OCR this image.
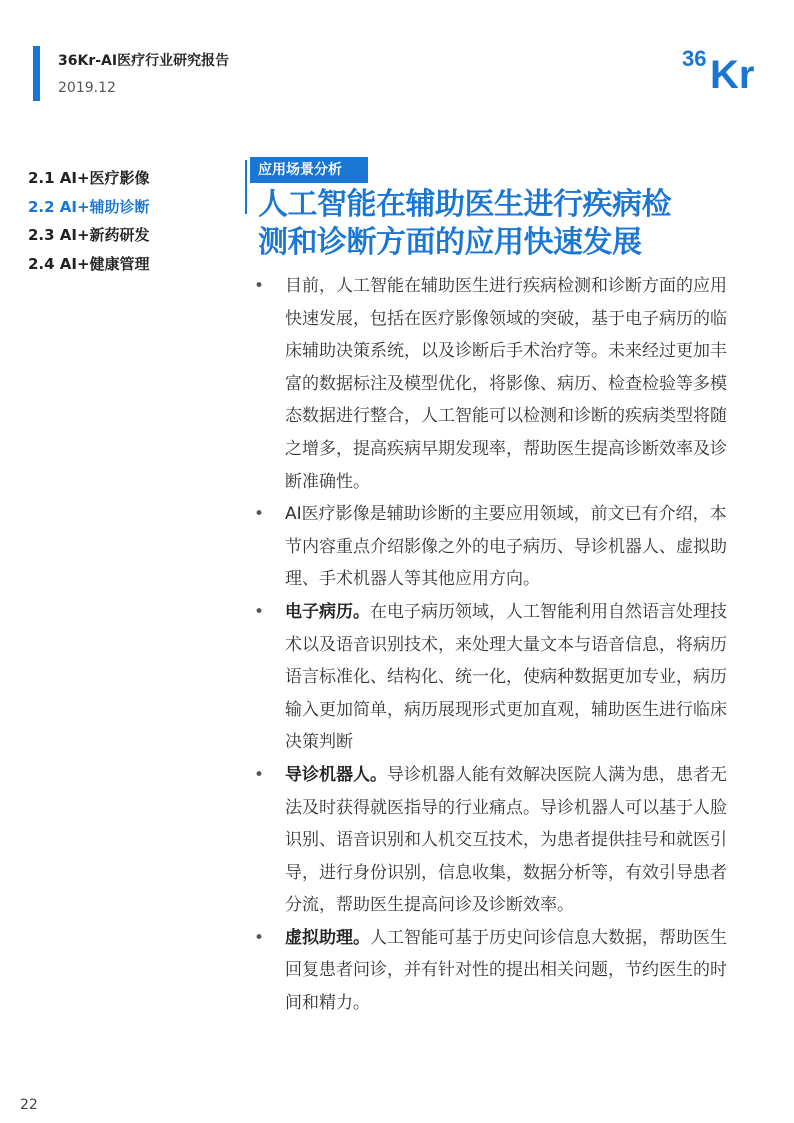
36Kr-AI医疗行业研究报告
2019.12
36 Kr
2.1 AI+医疗影像
2.2 AI+辅助诊断
2.3 AI+新药研发
2.4 AI+健康管理
应用场景分析
人工智能在辅助医生进行疾病检
测和诊断方面的应用快速发展
• 目前，人工智能在辅助医生进行疾病检测和诊断方面的应用快速发展，包括在医疗影像领域的突破，基于电子病历的临床辅助决策系统，以及诊断后手术治疗等。未来经过更加丰富的数据标注及模型优化，将影像、病历、检查检验等多模态数据进行整合，人工智能可以检测和诊断的疾病类型将随之增多，提高疾病早期发现率，帮助医生提高诊断效率及诊断准确性。
• AI医疗影像是辅助诊断的主要应用领域，前文已有介绍，本节内容重点介绍影像之外的电子病历、导诊机器人、虚拟助理、手术机器人等其他应用方向。
• 电子病历。在电子病历领域，人工智能利用自然语言处理技术以及语音识别技术，来处理大量文本与语音信息，将病历语言标准化、结构化、统一化，使病种数据更加专业，病历输入更加简单，病历展现形式更加直观，辅助医生进行临床决策判断
• 导诊机器人。导诊机器人能有效解决医院人满为患，患者无法及时获得就医指导的行业痛点。导诊机器人可以基于人脸识别、语音识别和人机交互技术，为患者提供挂号和就医引导，进行身份识别，信息收集，数据分析等，有效引导患者分流，帮助医生提高问诊及诊断效率。
• 虚拟助理。人工智能可基于历史问诊信息大数据，帮助医生回复患者问诊，并有针对性的提出相关问题，节约医生的时间和精力。
22
